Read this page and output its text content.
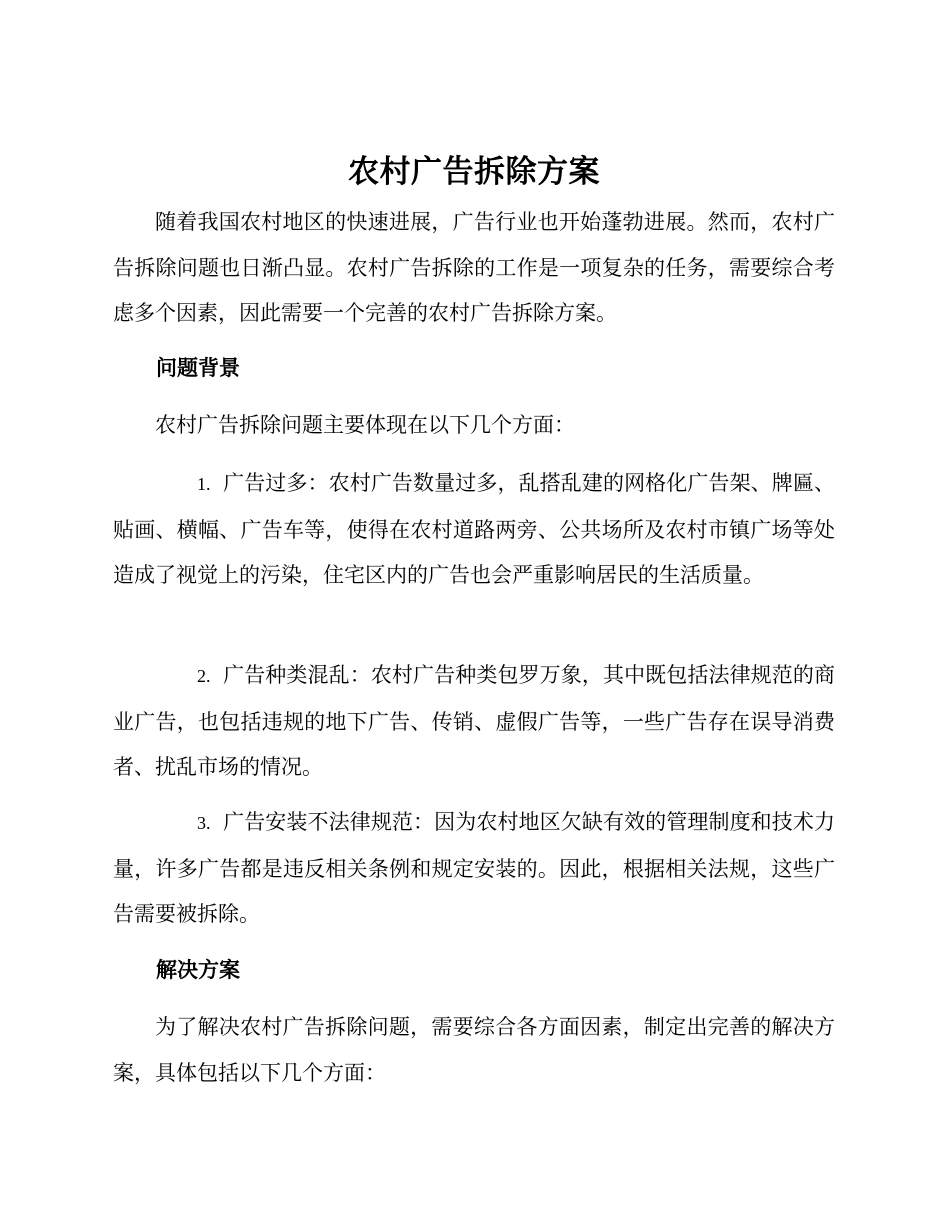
农村广告拆除方案

随着我国农村地区的快速进展，广告行业也开始蓬勃进展。然而，农村广告拆除问题也日渐凸显。农村广告拆除的工作是一项复杂的任务，需要综合考虑多个因素，因此需要一个完善的农村广告拆除方案。

问题背景

农村广告拆除问题主要体现在以下几个方面：

1. 广告过多：农村广告数量过多，乱搭乱建的网格化广告架、牌匾、贴画、横幅、广告车等，使得在农村道路两旁、公共场所及农村市镇广场等处造成了视觉上的污染，住宅区内的广告也会严重影响居民的生活质量。

2. 广告种类混乱：农村广告种类包罗万象，其中既包括法律规范的商业广告，也包括违规的地下广告、传销、虚假广告等，一些广告存在误导消费者、扰乱市场的情况。

3. 广告安装不法律规范：因为农村地区欠缺有效的管理制度和技术力量，许多广告都是违反相关条例和规定安装的。因此，根据相关法规，这些广告需要被拆除。

解决方案

为了解决农村广告拆除问题，需要综合各方面因素，制定出完善的解决方案，具体包括以下几个方面：
